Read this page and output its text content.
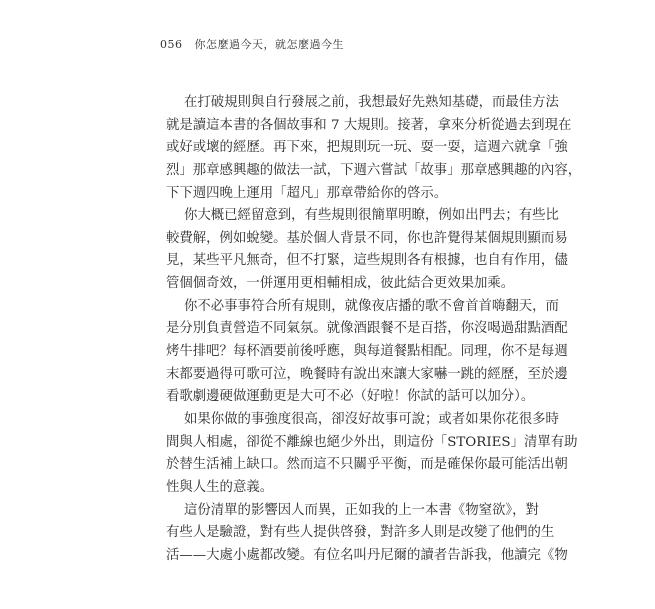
056 你怎麼過今天，就怎麼過今生
在打破規則與自行發展之前，我想最好先熟知基礎，而最佳方法
就是讀這本書的各個故事和 7 大規則。接著，拿來分析從過去到現在
或好或壞的經歷。再下來，把規則玩一玩、耍一耍，這週六就拿「強
烈」那章感興趣的做法一試，下週六嘗試「故事」那章感興趣的內容，
下下週四晚上運用「超凡」那章帶給你的啓示。
你大概已經留意到，有些規則很簡單明瞭，例如出門去；有些比
較費解，例如蛻變。基於個人背景不同，你也許覺得某個規則顯而易
見，某些平凡無奇，但不打緊，這些規則各有根據，也自有作用，儘
管個個奇效，一併運用更相輔相成，彼此結合更效果加乘。
你不必事事符合所有規則，就像夜店播的歌不會首首嗨翻天，而
是分別負責營造不同氣氛。就像酒跟餐不是百搭，你沒喝過甜點酒配
烤牛排吧？每杯酒要前後呼應，與每道餐點相配。同理，你不是每週
末都要過得可歌可泣，晚餐時有說出來讓大家嚇一跳的經歷，至於邊
看歌劇邊硬做運動更是大可不必（好啦！你試的話可以加分）。
如果你做的事強度很高，卻沒好故事可說；或者如果你花很多時
間與人相處，卻從不離線也絕少外出，則這份「STORIES」清單有助
於替生活補上缺口。然而這不只關乎平衡，而是確保你最可能活出朝
性與人生的意義。
這份清單的影響因人而異，正如我的上一本書《物窒欲》，對
有些人是驗證，對有些人提供啓發，對許多人則是改變了他們的生
活——大處小處都改變。有位名叫丹尼爾的讀者告訴我，他讀完《物
